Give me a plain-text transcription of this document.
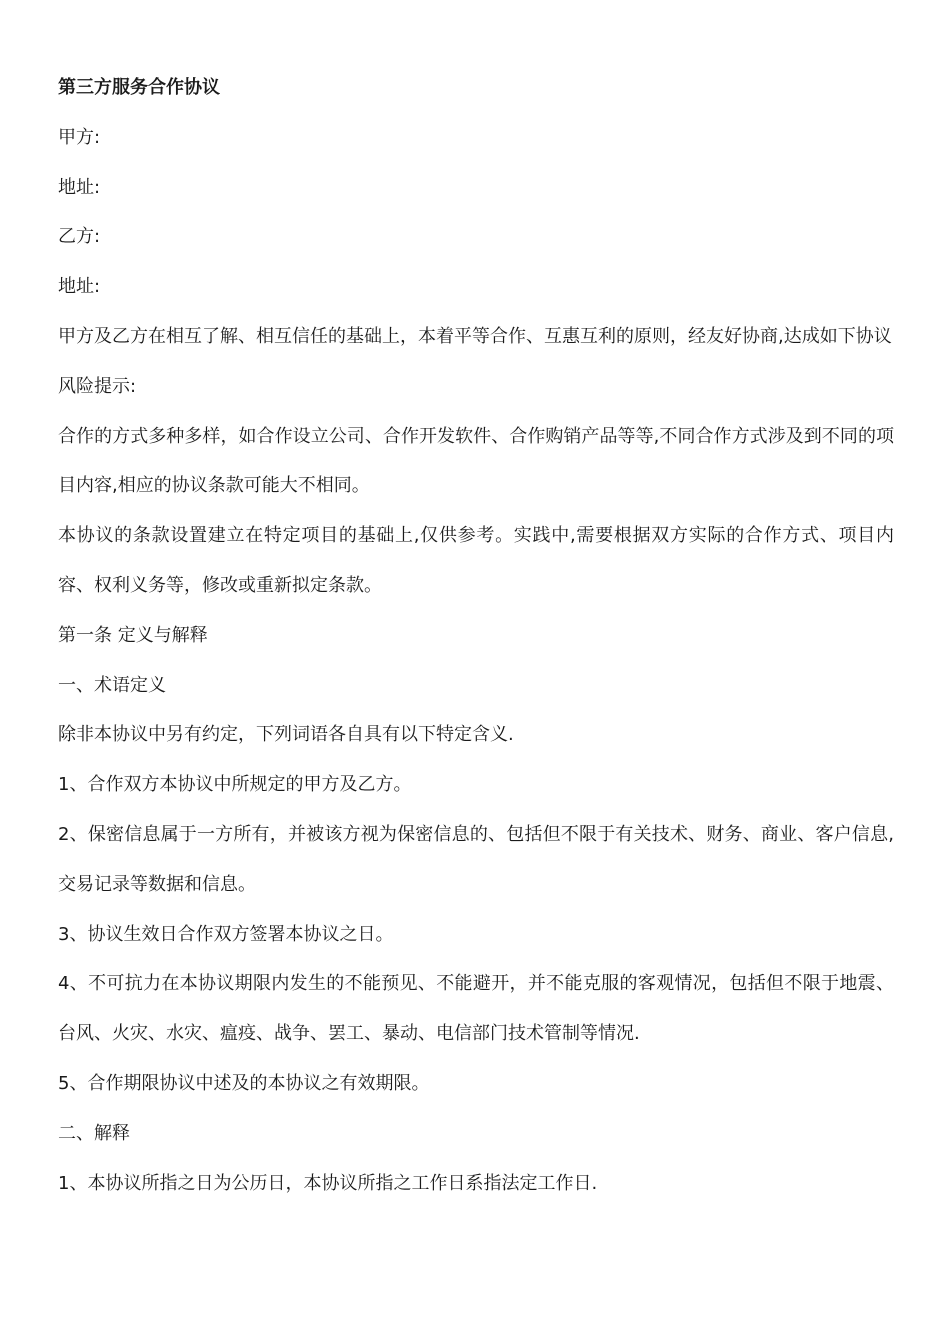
第三方服务合作协议

甲方:

地址:

乙方:

地址:

甲方及乙方在相互了解、相互信任的基础上，本着平等合作、互惠互利的原则，经友好协商,达成如下协议

风险提示:

合作的方式多种多样，如合作设立公司、合作开发软件、合作购销产品等等,不同合作方式涉及到不同的项目内容,相应的协议条款可能大不相同。

本协议的条款设置建立在特定项目的基础上,仅供参考。实践中,需要根据双方实际的合作方式、项目内容、权利义务等，修改或重新拟定条款。

第一条 定义与解释

一、术语定义

除非本协议中另有约定，下列词语各自具有以下特定含义.

1、合作双方本协议中所规定的甲方及乙方。

2、保密信息属于一方所有，并被该方视为保密信息的、包括但不限于有关技术、财务、商业、客户信息,交易记录等数据和信息。

3、协议生效日合作双方签署本协议之日。

4、不可抗力在本协议期限内发生的不能预见、不能避开，并不能克服的客观情况，包括但不限于地震、台风、火灾、水灾、瘟疫、战争、罢工、暴动、电信部门技术管制等情况.

5、合作期限协议中述及的本协议之有效期限。

二、解释

1、本协议所指之日为公历日，本协议所指之工作日系指法定工作日.
